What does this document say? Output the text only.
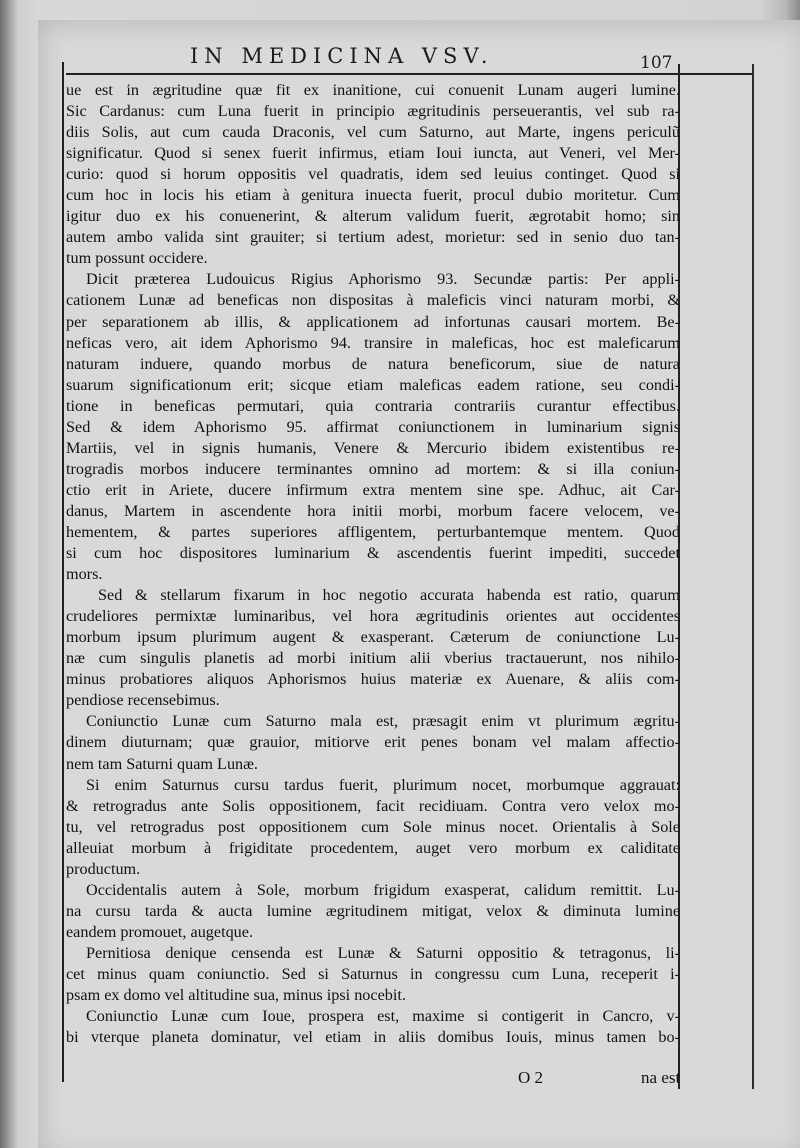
IN MEDICINA VSV.	107
ue est in ægritudine quæ fit ex inanitione, cui conuenit Lunam augeri lumine.
Sic Cardanus: cum Luna fuerit in principio ægritudinis perseuerantis, vel sub ra-
diis Solis, aut cum cauda Draconis, vel cum Saturno, aut Marte, ingens periculũ
significatur. Quod si senex fuerit infirmus, etiam Ioui iuncta, aut Veneri, vel Mer-
curio: quod si horum oppositis vel quadratis, idem sed leuius continget. Quod si
cum hoc in locis his etiam à genitura inuecta fuerit, procul dubio moritetur. Cum
igitur duo ex his conuenerint, & alterum validum fuerit, ægrotabit homo; sin
autem ambo valida sint grauiter; si tertium adest, morietur: sed in senio duo tan-
tum possunt occidere.
Dicit præterea Ludouicus Rigius Aphorismo 93. Secundæ partis: Per appli-
cationem Lunæ ad beneficas non dispositas à maleficis vinci naturam morbi, &
per separationem ab illis, & applicationem ad infortunas causari mortem. Be-
neficas vero, ait idem Aphorismo 94. transire in maleficas, hoc est maleficarum
naturam induere, quando morbus de natura beneficorum, siue de natura
suarum significationum erit; sicque etiam maleficas eadem ratione, seu condi-
tione in beneficas permutari, quia contraria contrariis curantur effectibus.
Sed & idem Aphorismo 95. affirmat coniunctionem in luminarium signis
Martiis, vel in signis humanis, Venere & Mercurio ibidem existentibus re-
trogradis morbos inducere terminantes omnino ad mortem: & si illa coniun-
ctio erit in Ariete, ducere infirmum extra mentem sine spe. Adhuc, ait Car-
danus, Martem in ascendente hora initii morbi, morbum facere velocem, ve-
hementem, & partes superiores affligentem, perturbantemque mentem. Quod
si cum hoc dispositores luminarium & ascendentis fuerint impediti, succedet
mors.
Sed & stellarum fixarum in hoc negotio accurata habenda est ratio, quarum
crudeliores permixtæ luminaribus, vel hora ægritudinis orientes aut occidentes
morbum ipsum plurimum augent & exasperant. Cæterum de coniunctione Lu-
næ cum singulis planetis ad morbi initium alii vberius tractauerunt, nos nihilo-
minus probatiores aliquos Aphorismos huius materiæ ex Auenare, & aliis com-
pendiose recensebimus.
Coniunctio Lunæ cum Saturno mala est, præsagit enim vt plurimum ægritu-
dinem diuturnam; quæ grauior, mitiorve erit penes bonam vel malam affectio-
nem tam Saturni quam Lunæ.
Si enim Saturnus cursu tardus fuerit, plurimum nocet, morbumque aggrauat:
& retrogradus ante Solis oppositionem, facit recidiuam. Contra vero velox mo-
tu, vel retrogradus post oppositionem cum Sole minus nocet. Orientalis à Sole
alleuiat morbum à frigiditate procedentem, auget vero morbum ex caliditate
productum.
Occidentalis autem à Sole, morbum frigidum exasperat, calidum remittit. Lu-
na cursu tarda & aucta lumine ægritudinem mitigat, velox & diminuta lumine
eandem promouet, augetque.
Pernitiosa denique censenda est Lunæ & Saturni oppositio & tetragonus, li-
cet minus quam coniunctio. Sed si Saturnus in congressu cum Luna, receperit i-
psam ex domo vel altitudine sua, minus ipsi nocebit.
Coniunctio Lunæ cum Ioue, prospera est, maxime si contigerit in Cancro, v-
bi vterque planeta dominatur, vel etiam in aliis domibus Iouis, minus tamen bo-
O 2	na est
